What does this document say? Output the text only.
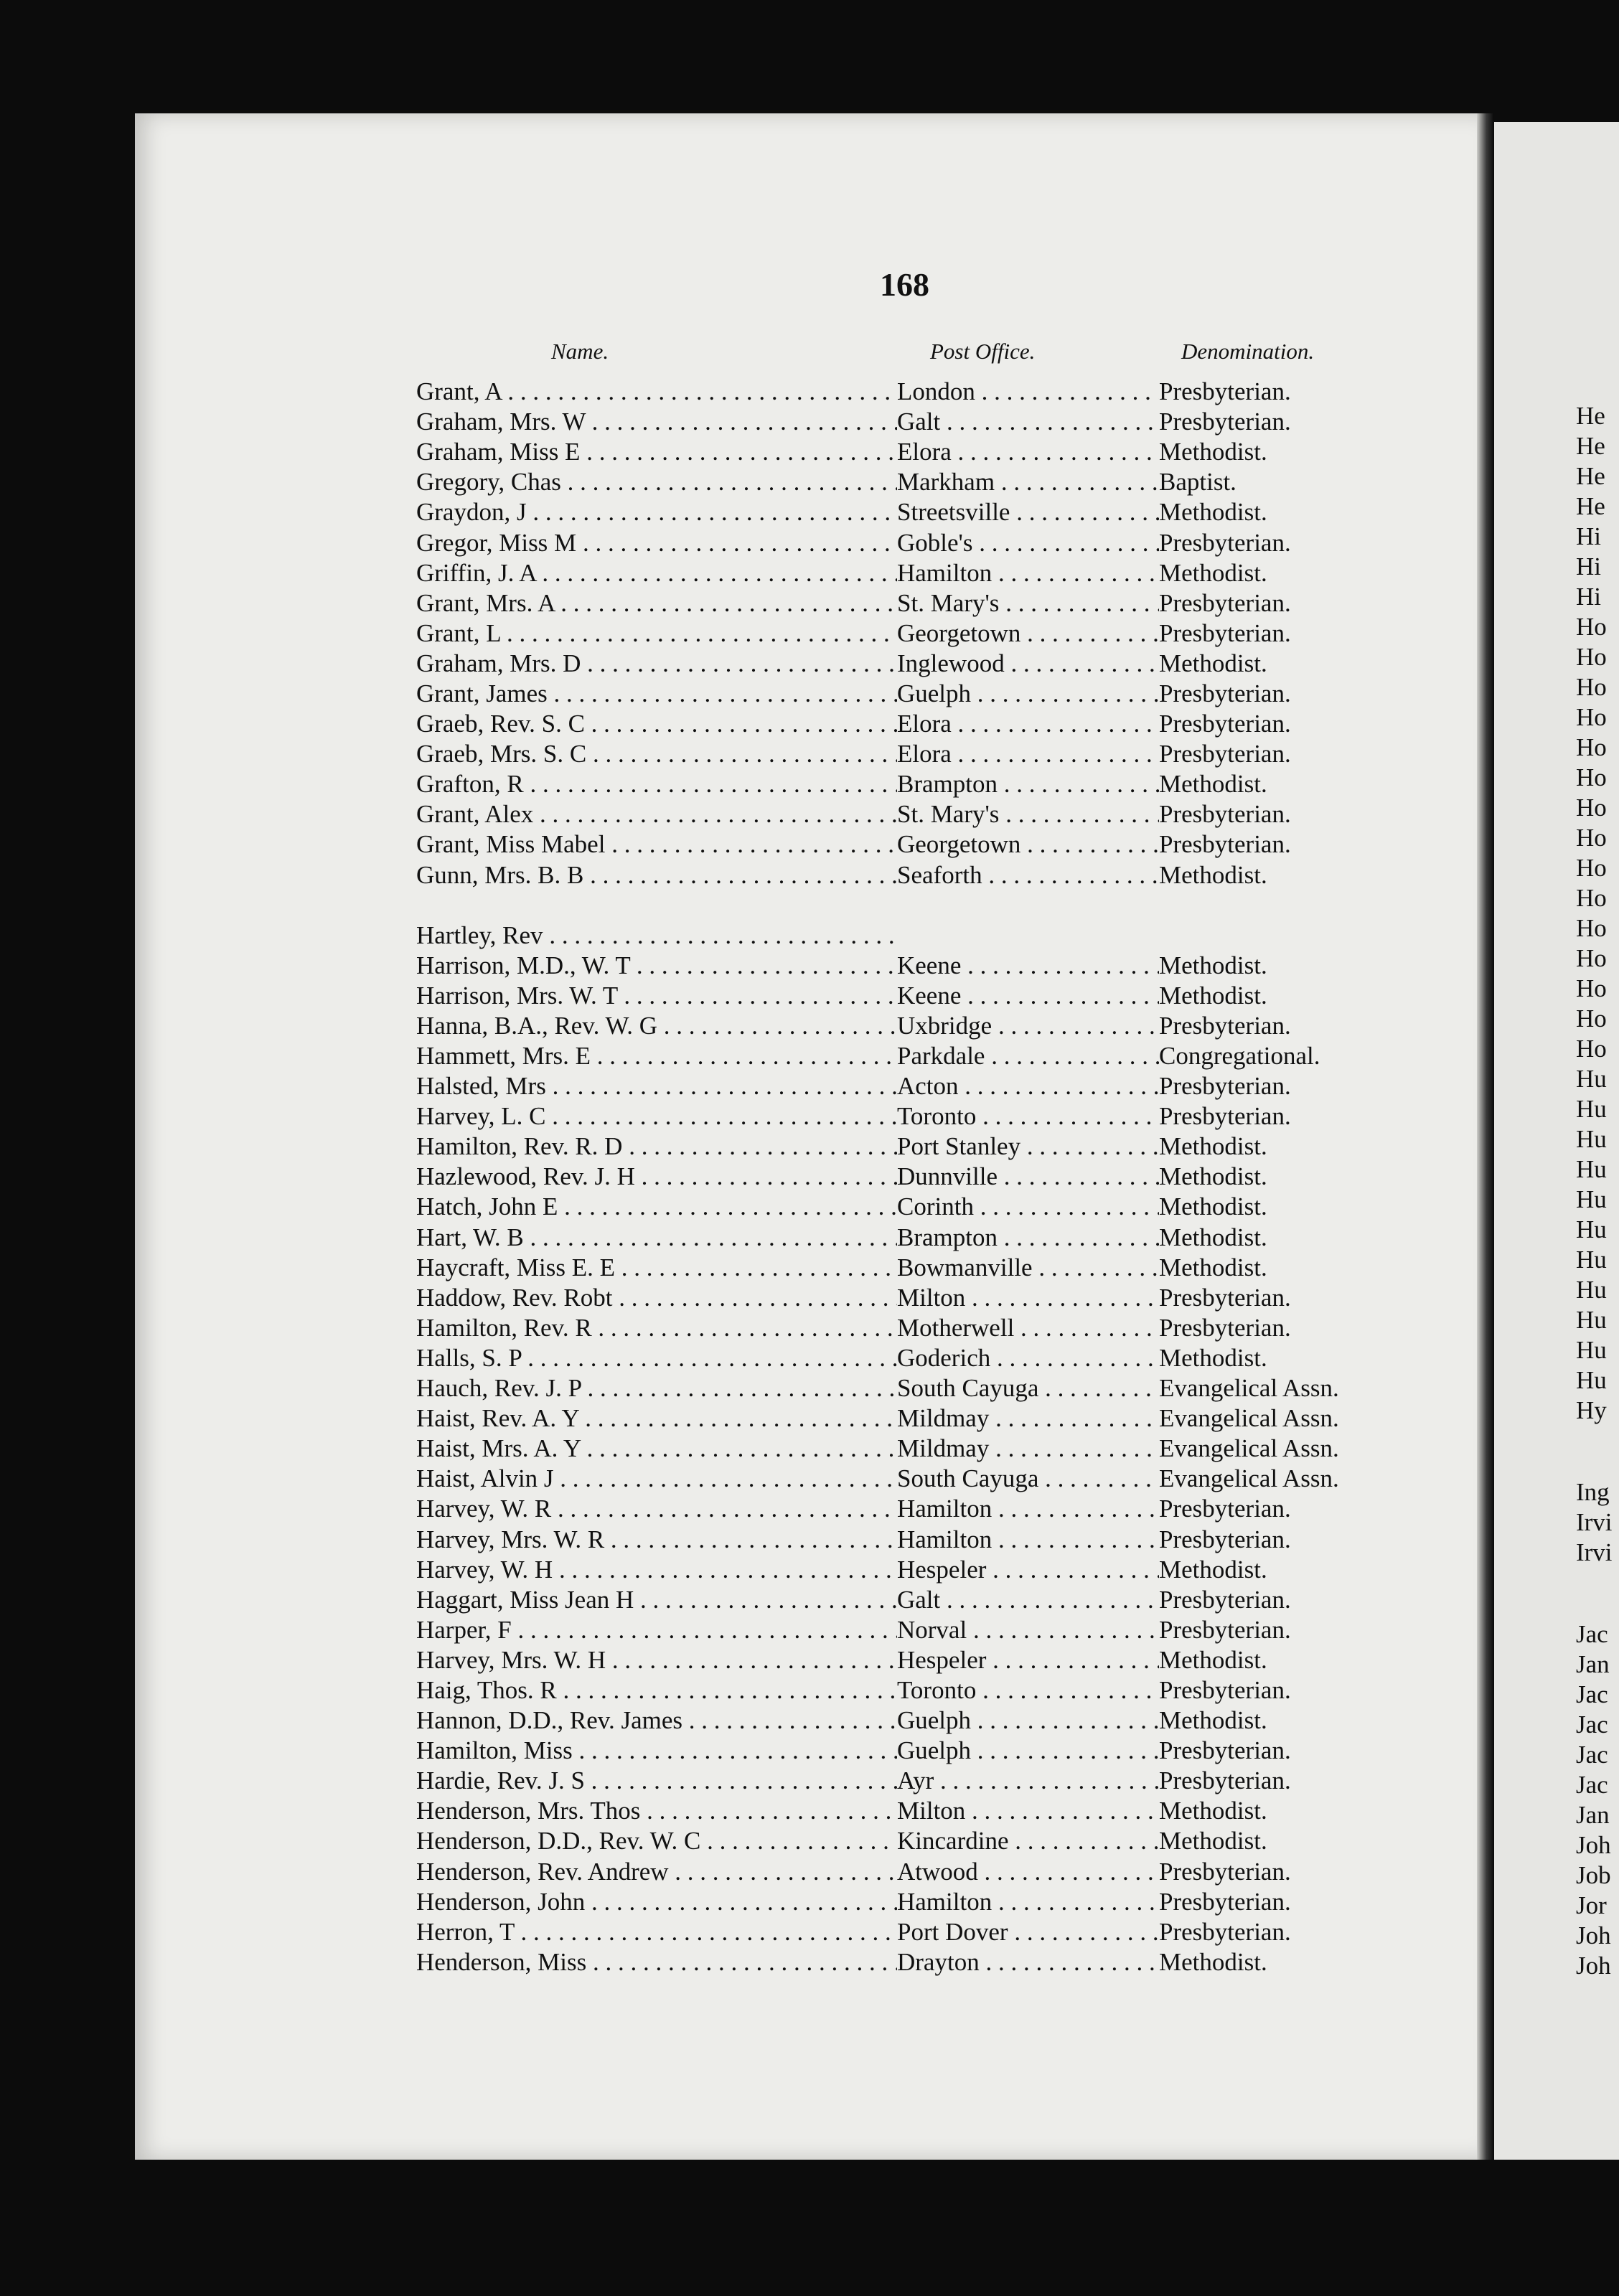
168
Name.	Post Office.	Denomination.
Grant, A . . .	London . . .	Presbyterian.
Graham, Mrs. W . . .	Galt . . .	Presbyterian.
Graham, Miss E . . .	Elora . . .	Methodist.
Gregory, Chas . . .	Markham . . .	Baptist.
Graydon, J . . .	Streetsville . . .	Methodist.
Gregor, Miss M . . .	Goble's . . .	Presbyterian.
Griffin, J. A . . .	Hamilton . . .	Methodist.
Grant, Mrs. A . . .	St. Mary's . . .	Presbyterian.
Grant, L . . .	Georgetown . . .	Presbyterian.
Graham, Mrs. D . . .	Inglewood . . .	Methodist.
Grant, James . . .	Guelph . . .	Presbyterian.
Graeb, Rev. S. C . . .	Elora . . .	Presbyterian.
Graeb, Mrs. S. C . . .	Elora . . .	Presbyterian.
Grafton, R . . .	Brampton . . .	Methodist.
Grant, Alex . . .	St. Mary's . . .	Presbyterian.
Grant, Miss Mabel . . .	Georgetown . . .	Presbyterian.
Gunn, Mrs. B. B . . .	Seaforth . . .	Methodist.
Hartley, Rev . . .
Harrison, M.D., W. T . . .	Keene . . .	Methodist.
Harrison, Mrs. W. T . . .	Keene . . .	Methodist.
Hanna, B.A., Rev. W. G . . .	Uxbridge . . .	Presbyterian.
Hammett, Mrs. E . . .	Parkdale . . .	Congregational.
Halsted, Mrs . . .	Acton . . .	Presbyterian.
Harvey, L. C . . .	Toronto . . .	Presbyterian.
Hamilton, Rev. R. D . . .	Port Stanley . . .	Methodist.
Hazlewood, Rev. J. H . . .	Dunnville . . .	Methodist.
Hatch, John E . . .	Corinth . . .	Methodist.
Hart, W. B . . .	Brampton . . .	Methodist.
Haycraft, Miss E. E . . .	Bowmanville . . .	Methodist.
Haddow, Rev. Robt . . .	Milton . . .	Presbyterian.
Hamilton, Rev. R . . .	Motherwell . . .	Presbyterian.
Halls, S. P . . .	Goderich . . .	Methodist.
Hauch, Rev. J. P . . .	South Cayuga . . .	Evangelical Assn.
Haist, Rev. A. Y . . .	Mildmay . . .	Evangelical Assn.
Haist, Mrs. A. Y . . .	Mildmay . . .	Evangelical Assn.
Haist, Alvin J . . .	South Cayuga . . .	Evangelical Assn.
Harvey, W. R . . .	Hamilton . . .	Presbyterian.
Harvey, Mrs. W. R . . .	Hamilton . . .	Presbyterian.
Harvey, W. H . . .	Hespeler . . .	Methodist.
Haggart, Miss Jean H . . .	Galt . . .	Presbyterian.
Harper, F . . .	Norval . . .	Presbyterian.
Harvey, Mrs. W. H . . .	Hespeler . . .	Methodist.
Haig, Thos. R . . .	Toronto . . .	Presbyterian.
Hannon, D.D., Rev. James . . .	Guelph . . .	Methodist.
Hamilton, Miss . . .	Guelph . . .	Presbyterian.
Hardie, Rev. J. S . . .	Ayr . . .	Presbyterian.
Henderson, Mrs. Thos . . .	Milton . . .	Methodist.
Henderson, D.D., Rev. W. C . . .	Kincardine . . .	Methodist.
Henderson, Rev. Andrew . . .	Atwood . . .	Presbyterian.
Henderson, John . . .	Hamilton . . .	Presbyterian.
Herron, T . . .	Port Dover . . .	Presbyterian.
Henderson, Miss . . .	Drayton . . .	Methodist.
He
He
He
He
Hi
Hi
Hi
Ho
Ho
Ho
Ho
Ho
Ho
Ho
Ho
Ho
Ho
Ho
Ho
Ho
Ho
Ho
Hu
Hu
Hu
Hu
Hu
Hu
Hu
Hu
Hu
Hu
Hu
Hy
Ing
Irvi
Irvi
Jac
Jan
Jac
Jac
Jac
Jac
Jan
Joh
Job
Jor
Joh
Joh
